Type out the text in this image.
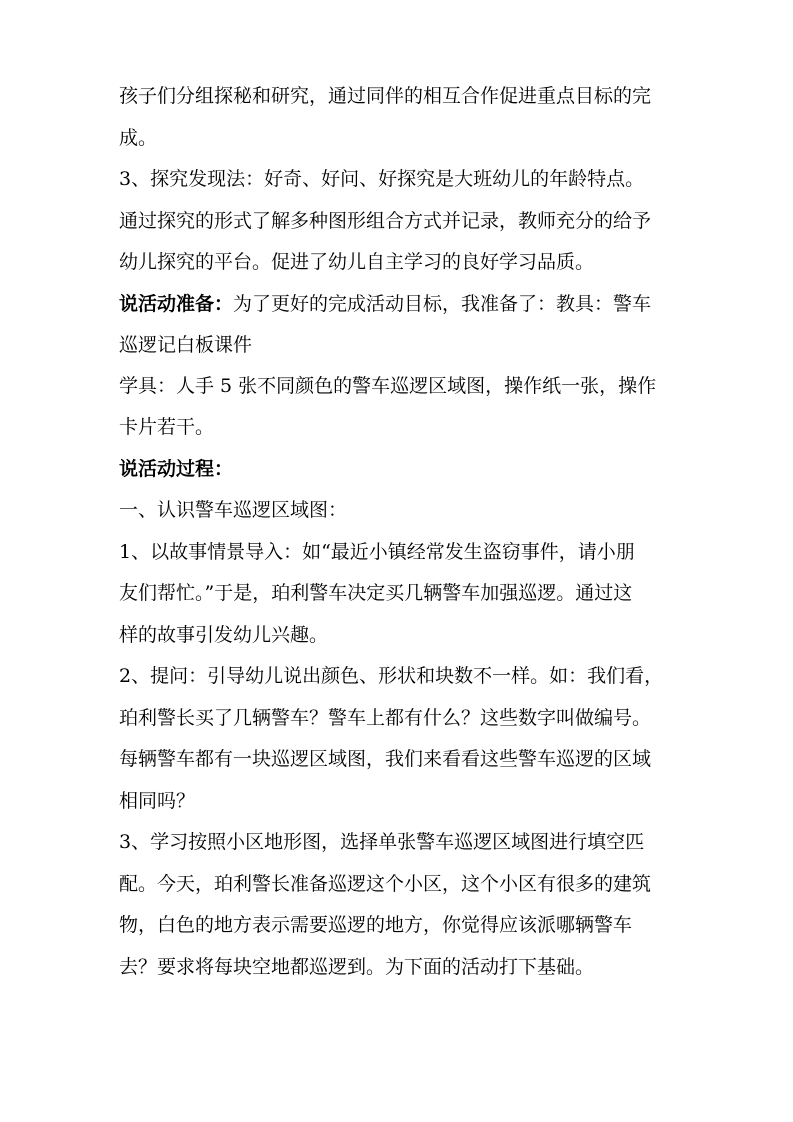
孩子们分组探秘和研究，通过同伴的相互合作促进重点目标的完
成。
3、探究发现法：好奇、好问、好探究是大班幼儿的年龄特点。
通过探究的形式了解多种图形组合方式并记录，教师充分的给予
幼儿探究的平台。促进了幼儿自主学习的良好学习品质。
说活动准备：为了更好的完成活动目标，我准备了：教具：警车
巡逻记白板课件
学具：人手 5 张不同颜色的警车巡逻区域图，操作纸一张，操作
卡片若干。
说活动过程：
一、认识警车巡逻区域图：
1、以故事情景导入：如“最近小镇经常发生盗窃事件，请小朋
友们帮忙。”于是，珀利警车决定买几辆警车加强巡逻。通过这
样的故事引发幼儿兴趣。
2、提问：引导幼儿说出颜色、形状和块数不一样。如：我们看，
珀利警长买了几辆警车？警车上都有什么？这些数字叫做编号。
每辆警车都有一块巡逻区域图，我们来看看这些警车巡逻的区域
相同吗？
3、学习按照小区地形图，选择单张警车巡逻区域图进行填空匹
配。今天，珀利警长准备巡逻这个小区，这个小区有很多的建筑
物，白色的地方表示需要巡逻的地方，你觉得应该派哪辆警车
去？要求将每块空地都巡逻到。为下面的活动打下基础。
